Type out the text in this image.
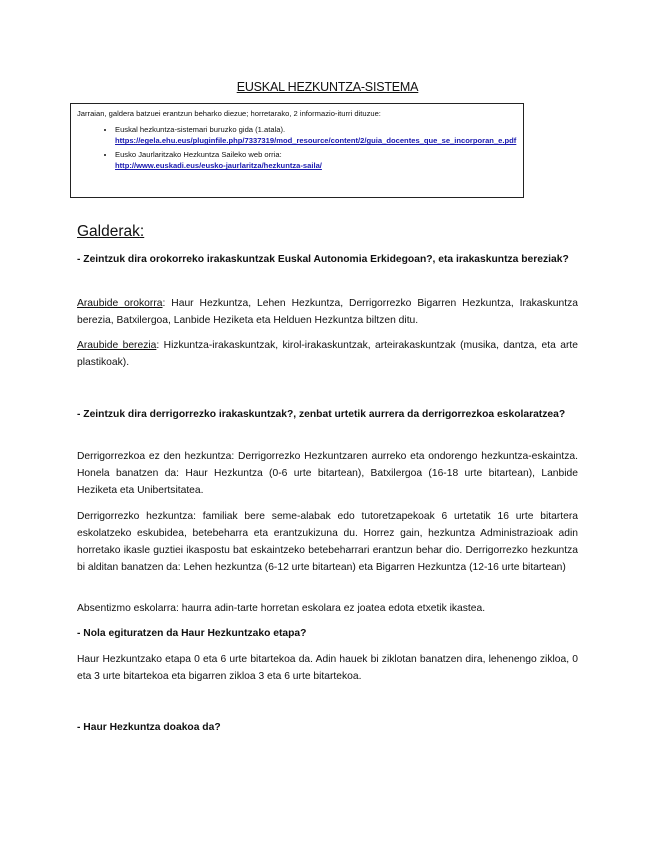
EUSKAL HEZKUNTZA-SISTEMA
Jarraian, galdera batzuei erantzun beharko diezue; horretarako, 2 informazio-iturri dituzue:
• Euskal hezkuntza-sistemari buruzko gida (1.atala).
https://egela.ehu.eus/pluginfile.php/7337319/mod_resource/content/2/guia_docentes_que_se_incorporan_e.pdf
• Eusko Jaurlaritzako Hezkuntza Saileko web orria:
http://www.euskadi.eus/eusko-jaurlaritza/hezkuntza-saila/
Galderak:
- Zeintzuk dira orokorreko irakaskuntzak Euskal Autonomia Erkidegoan?, eta irakaskuntza bereziak?
Araubide orokorra: Haur Hezkuntza, Lehen Hezkuntza, Derrigorrezko Bigarren Hezkuntza, Irakaskuntza berezia, Batxilergoa, Lanbide Heziketa eta Helduen Hezkuntza biltzen ditu.
Araubide berezia: Hizkuntza-irakaskuntzak, kirol-irakaskuntzak, arteirakaskuntzak (musika, dantza, eta arte plastikoak).
- Zeintzuk dira derrigorrezko irakaskuntzak?, zenbat urtetik aurrera da derrigorrezkoa eskolaratzea?
Derrigorrezkoa ez den hezkuntza: Derrigorrezko Hezkuntzaren aurreko eta ondorengo hezkuntza-eskaintza. Honela banatzen da: Haur Hezkuntza (0-6 urte bitartean), Batxilergoa (16-18 urte bitartean), Lanbide Heziketa eta Unibertsitatea.
Derrigorrezko hezkuntza: familiak bere seme-alabak edo tutoretzapekoak 6 urtetatik 16 urte bitartera eskolatzeko eskubidea, betebeharra eta erantzukizuna du. Horrez gain, hezkuntza Administrazioak adin horretako ikasle guztiei ikaspostu bat eskaintzeko betebeharrari erantzun behar dio. Derrigorrezko hezkuntza bi alditan banatzen da: Lehen hezkuntza (6-12 urte bitartean) eta Bigarren Hezkuntza (12-16 urte bitartean)
Absentizmo eskolarra: haurra adin-tarte horretan eskolara ez joatea edota etxetik ikastea.
- Nola egituratzen da Haur Hezkuntzako etapa?
Haur Hezkuntzako etapa 0 eta 6 urte bitartekoa da. Adin hauek bi ziklotan banatzen dira, lehenengo zikloa, 0 eta 3 urte bitartekoa eta bigarren zikloa 3 eta 6 urte bitartekoa.
- Haur Hezkuntza doakoa da?
